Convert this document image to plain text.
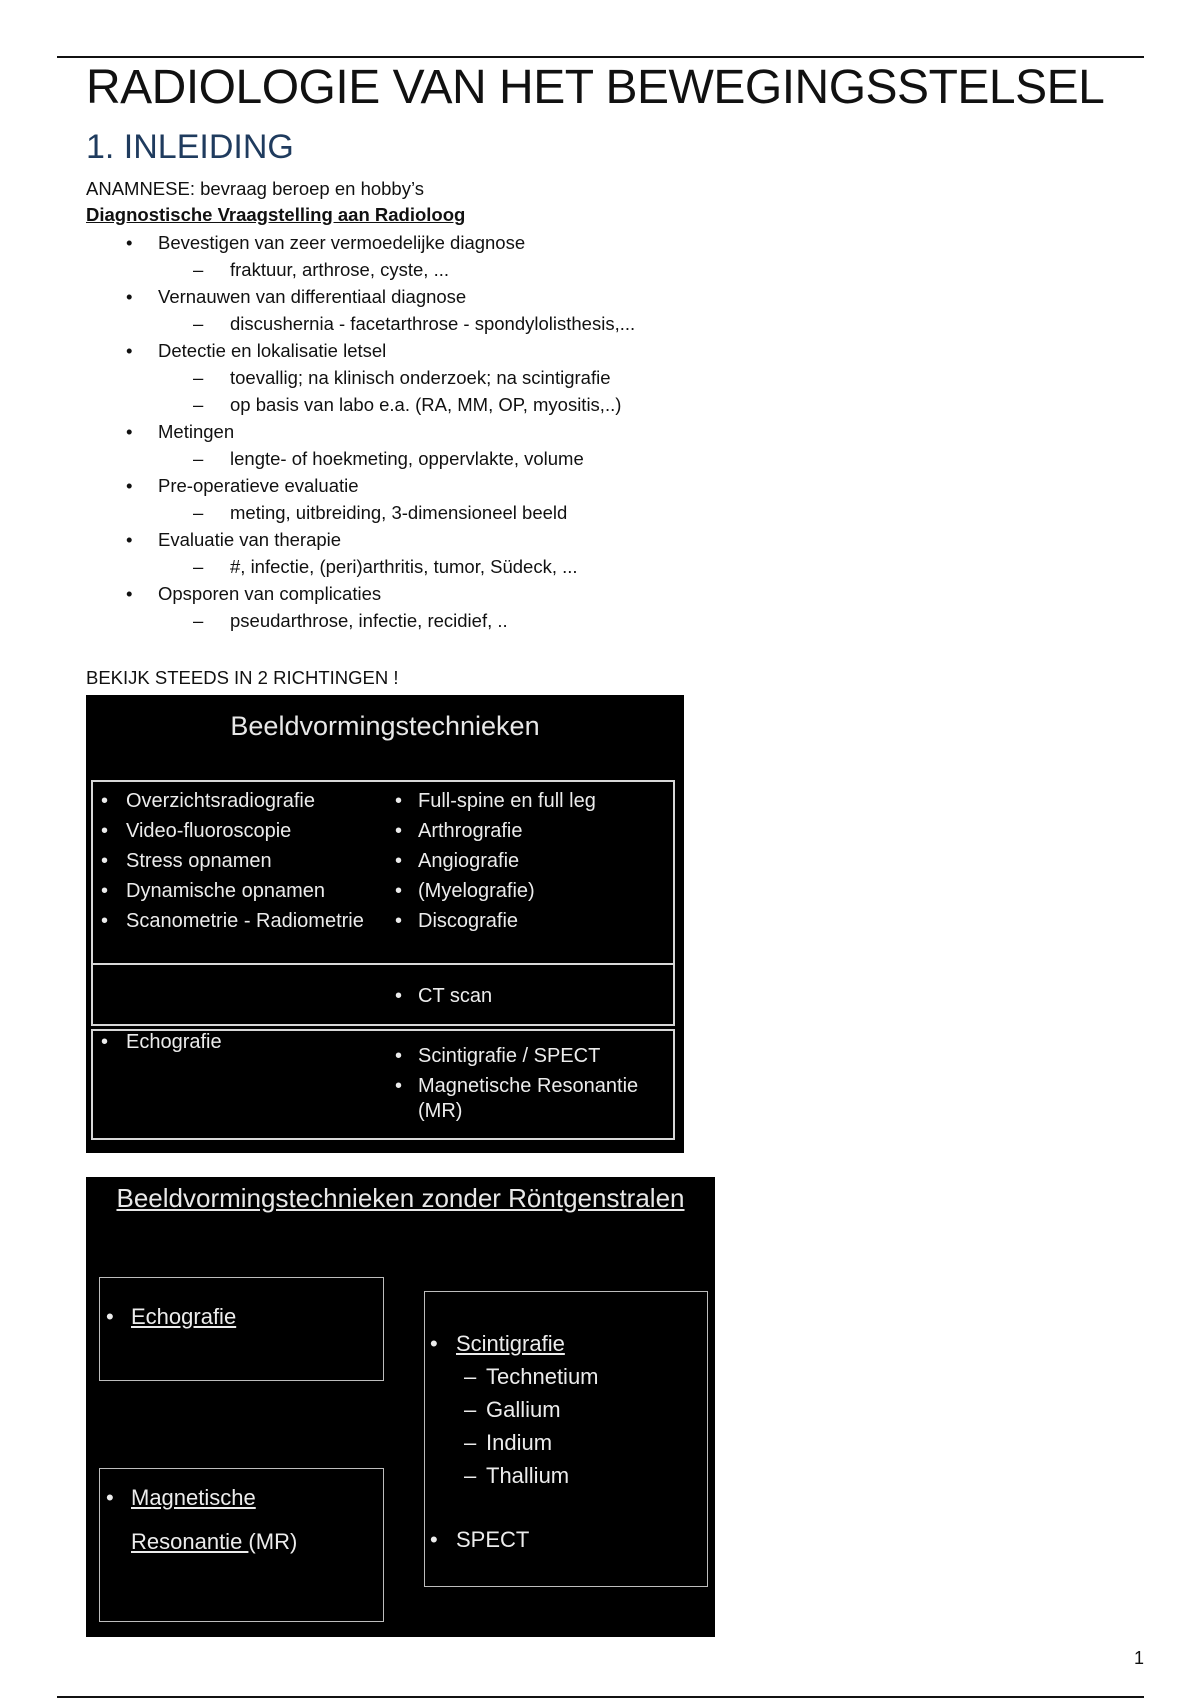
RADIOLOGIE VAN HET BEWEGINGSSTELSEL
1. INLEIDING
ANAMNESE: bevraag beroep en hobby’s
Diagnostische Vraagstelling aan Radioloog
• Bevestigen van zeer vermoedelijke diagnose
– fraktuur, arthrose, cyste, ...
• Vernauwen van differentiaal diagnose
– discushernia - facetarthrose - spondylolisthesis,...
• Detectie en lokalisatie letsel
– toevallig; na klinisch onderzoek; na scintigrafie
– op basis van labo e.a. (RA, MM, OP, myositis,..)
• Metingen
– lengte- of hoekmeting, oppervlakte, volume
• Pre-operatieve evaluatie
– meting, uitbreiding, 3-dimensioneel beeld
• Evaluatie van therapie
– #, infectie, (peri)arthritis, tumor, Südeck, ...
• Opsporen van complicaties
– pseudarthrose, infectie, recidief, ..
BEKIJK STEEDS IN 2 RICHTINGEN !
Beeldvormingstechnieken
• Overzichtsradiografie
• Video-fluoroscopie
• Stress opnamen
• Dynamische opnamen
• Scanometrie - Radiometrie
• Full-spine en full leg
• Arthrografie
• Angiografie
• (Myelografie)
• Discografie
• CT scan
• Echografie
• Scintigrafie / SPECT
• Magnetische Resonantie
(MR)
Beeldvormingstechnieken zonder Röntgenstralen
• Echografie
• Magnetische
Resonantie (MR)
• Scintigrafie
– Technetium
– Gallium
– Indium
– Thallium
• SPECT
1
